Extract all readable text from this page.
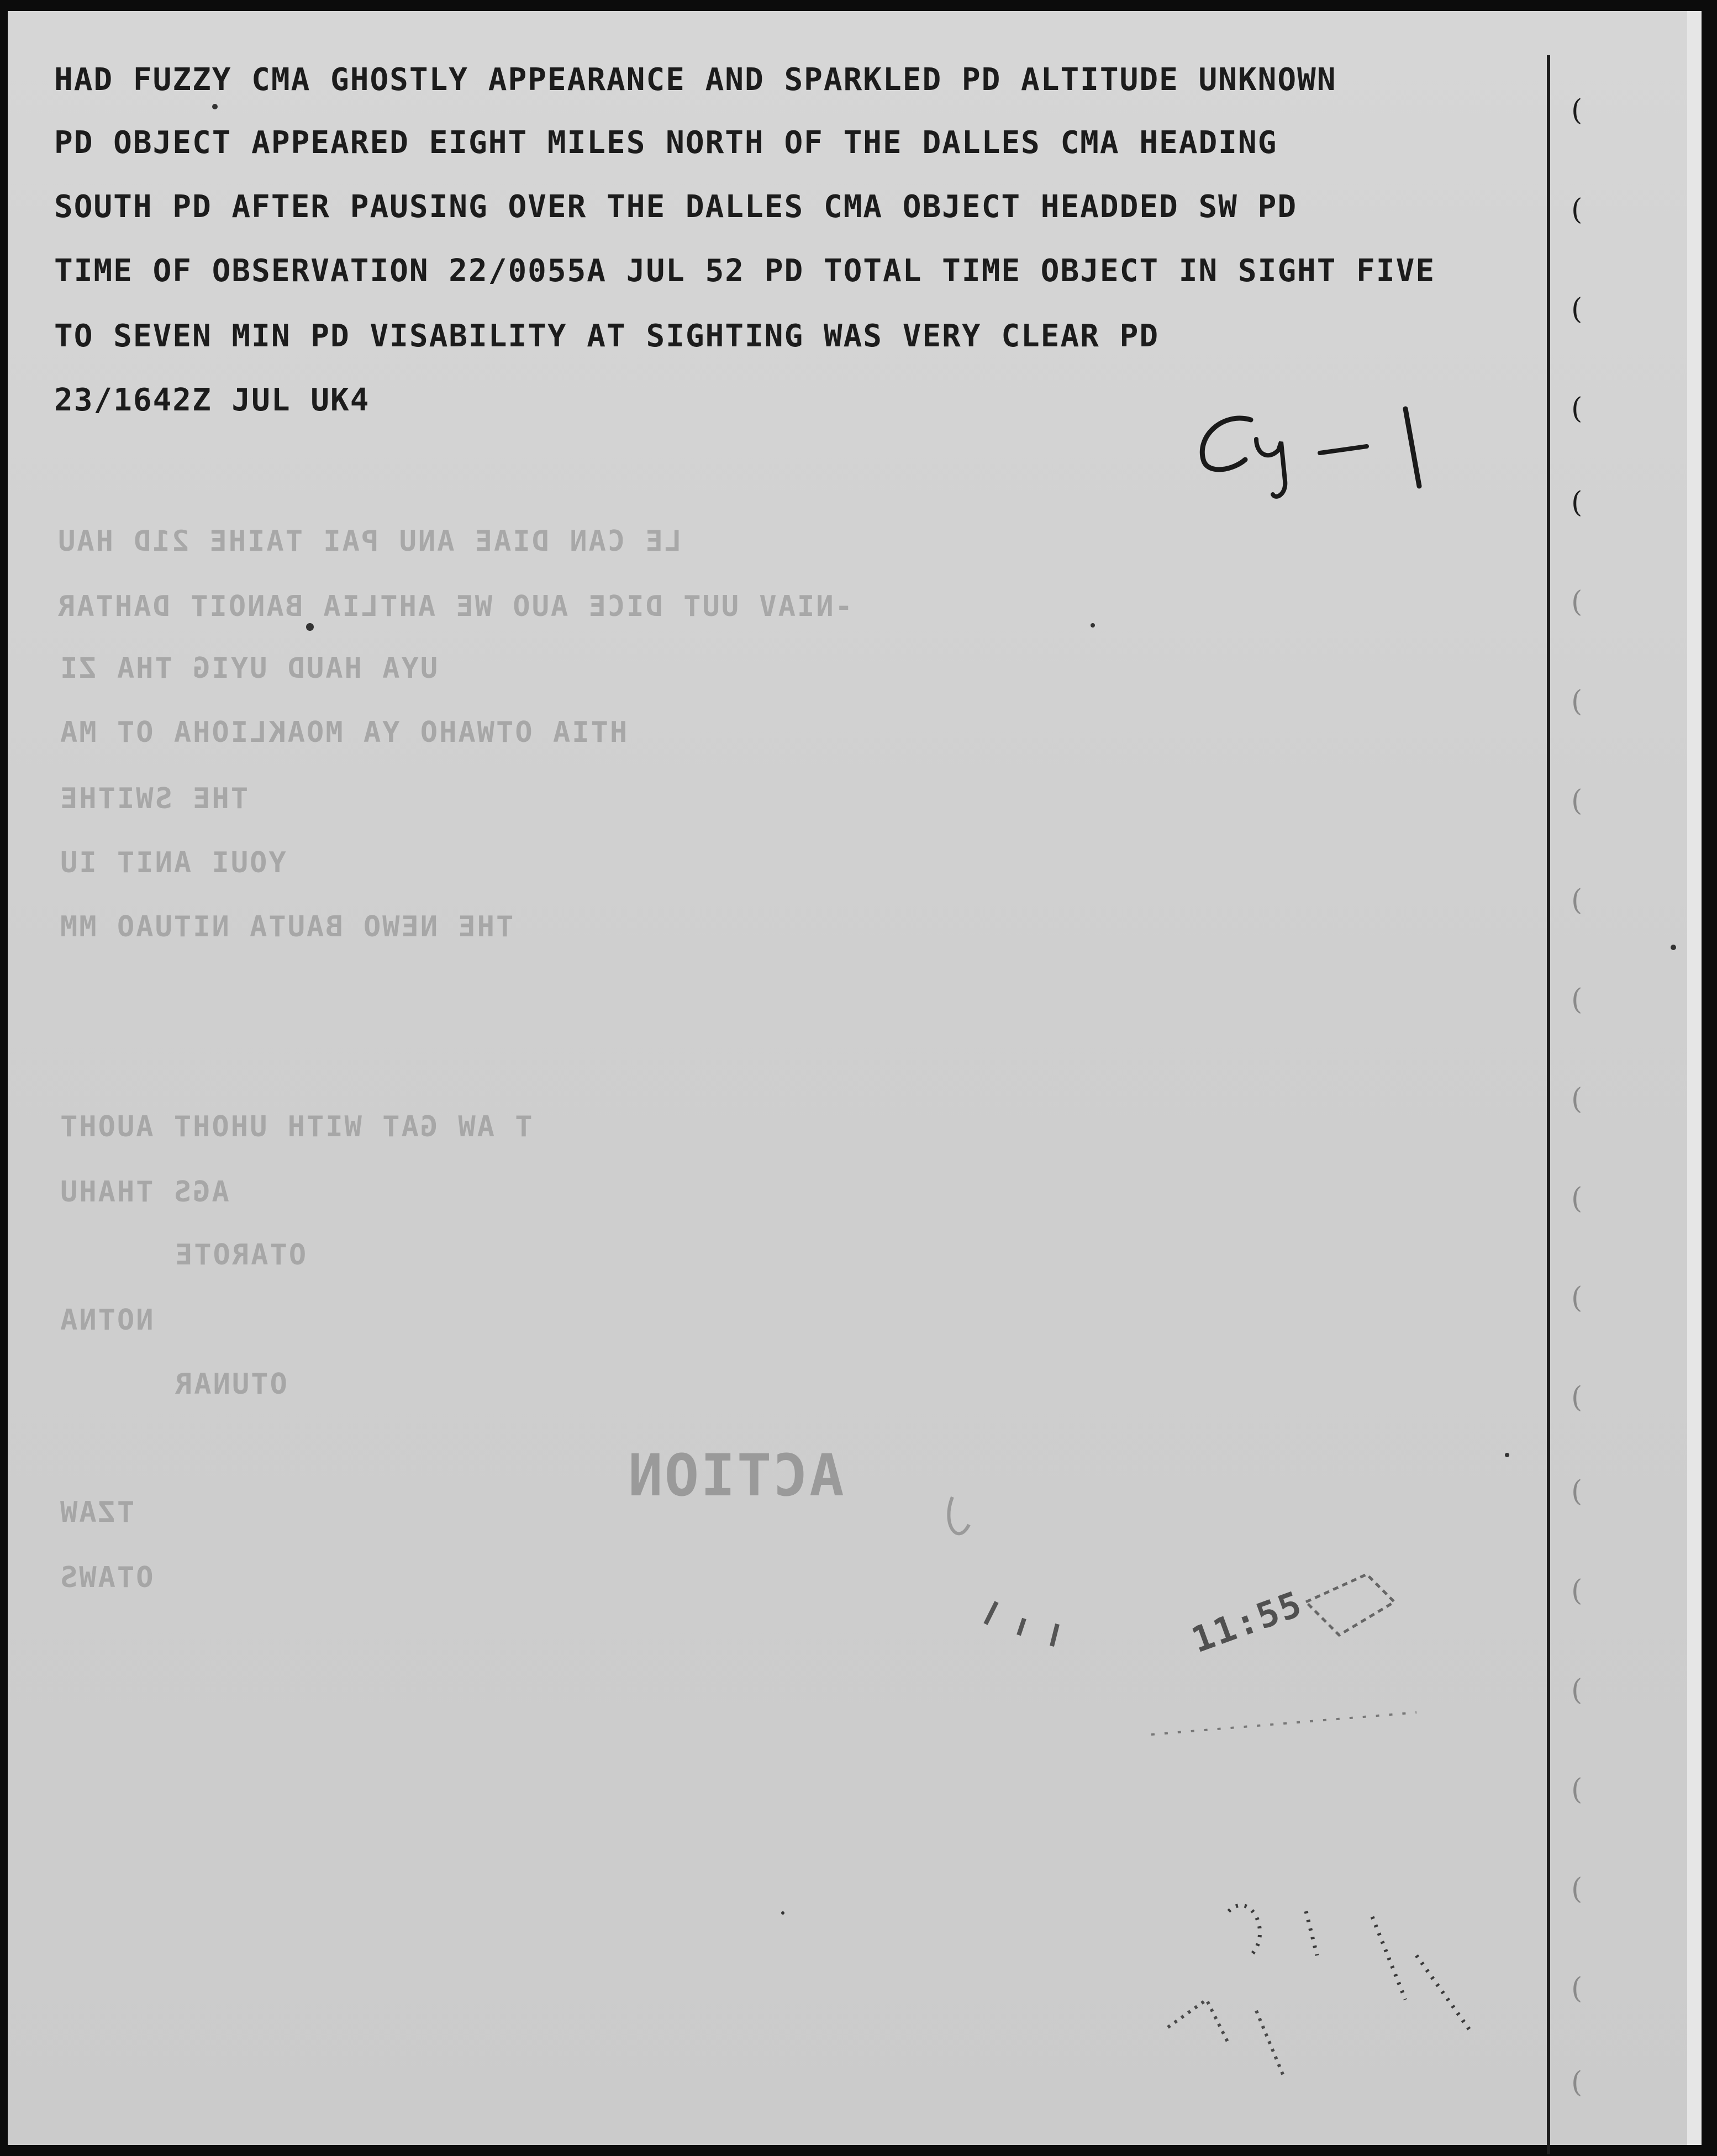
HAD FUZZY CMA GHOSTLY APPEARANCE AND SPARKLED PD ALTITUDE UNKNOWN

PD OBJECT APPEARED EIGHT MILES NORTH OF THE DALLES CMA HEADING

SOUTH PD AFTER PAUSING OVER THE DALLES CMA OBJECT HEADDED SW PD

TIME OF OBSERVATION 22/0055A JUL 52 PD TOTAL TIME OBJECT IN SIGHT FIVE

TO SEVEN MIN PD VISABILITY AT SIGHTING WAS VERY CLEAR PD

23/1642Z JUL UK4	Cy-1

LE CAN DIAE ANU PAI TAIHE 21D HAU

-NIAV UUT DICE AUO WE AHTLIA BANOIT DAHTAR

UYA HAUD UYIG THA ZI

HTIA OTWAHO YA MOAKLIOHA OT MA

THE SWITHE

YOUI ANIT IU

THE NEWO BAUTA NITUAO MM

T AW GAT WITH UHOHT AUOHT

AGS THAHU

OTAROTE

NOTNA

OTUNAR

TZAW

OTAWS

ACTION

11:55

(
(
(
(
(
(
(
(
(
(
(
(
(
(
(
(
(
(
(
(
(
